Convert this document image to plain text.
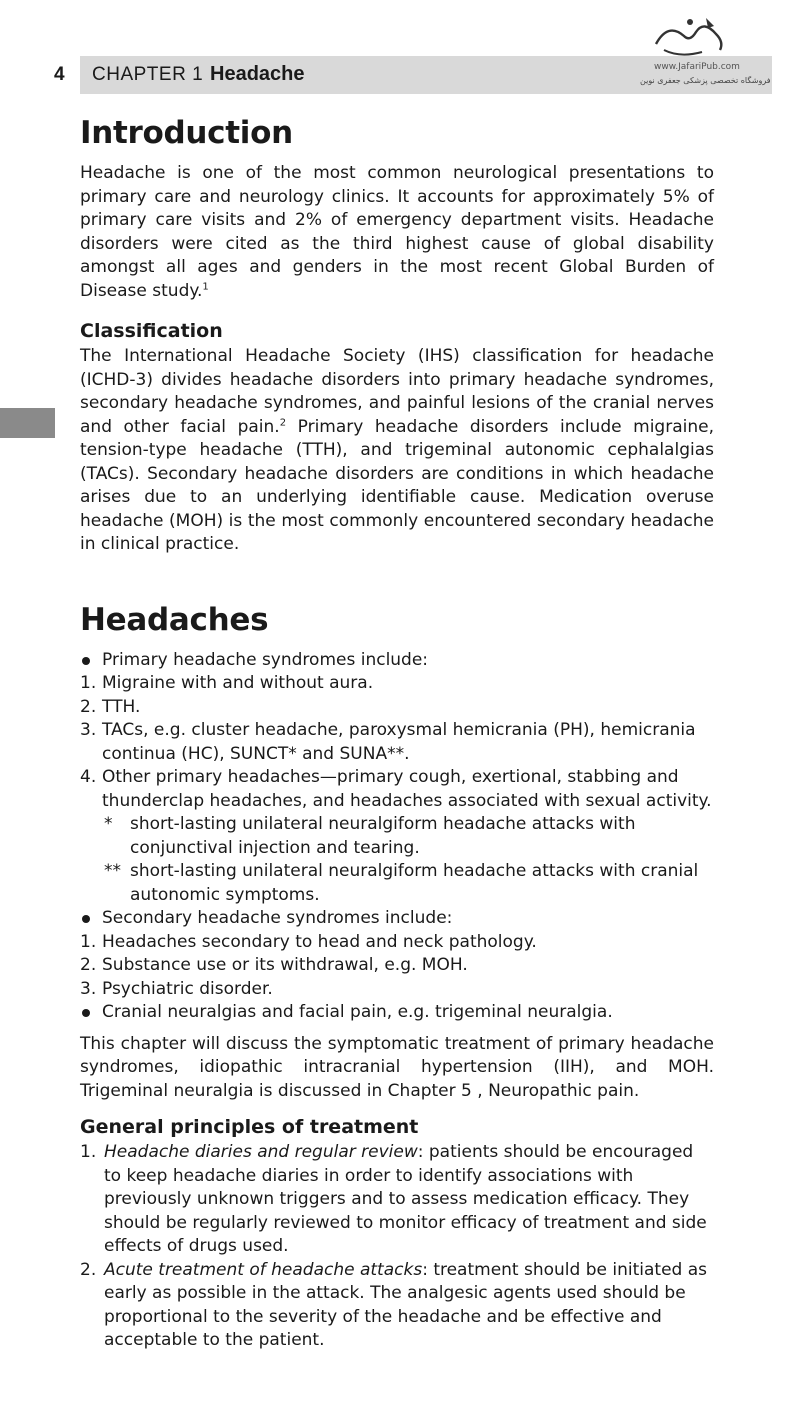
4 CHAPTER 1 Headache	www.JafariPub.com
فروشگاه تخصصی پزشکی جعفری نوین
Introduction

Headache is one of the most common neurological presentations to primary care and neurology clinics. It accounts for approximately 5% of primary care visits and 2% of emergency department visits. Headache disorders were cited as the third highest cause of global disability amongst all ages and genders in the most recent Global Burden of Disease study.$^1$

Classification

The International Headache Society (IHS) classification for headache (ICHD-3) divides headache disorders into primary headache syndromes, secondary headache syndromes, and painful lesions of the cranial nerves and other facial pain.$^2$ Primary headache disorders include migraine, tension-type headache (TTH), and trigeminal autonomic cephalalgias (TACs). Secondary headache disorders are conditions in which headache arises due to an underlying identifiable cause. Medication overuse headache (MOH) is the most commonly encountered secondary headache in clinical practice.

Headaches
Primary headache syndromes include:
1. Migraine with and without aura.
2. TTH.
3. TACs, e.g. cluster headache, paroxysmal hemicrania (PH), hemicrania continua (HC), SUNCT* and SUNA**.
4. Other primary headaches—primary cough, exertional, stabbing and thunderclap headaches, and headaches associated with sexual activity.
* short-lasting unilateral neuralgiform headache attacks with conjunctival injection and tearing.
** short-lasting unilateral neuralgiform headache attacks with cranial autonomic symptoms.
Secondary headache syndromes include:
1. Headaches secondary to head and neck pathology.
2. Substance use or its withdrawal, e.g. MOH.
3. Psychiatric disorder.
Cranial neuralgias and facial pain, e.g. trigeminal neuralgia.

This chapter will discuss the symptomatic treatment of primary headache syndromes, idiopathic intracranial hypertension (IIH), and MOH. Trigeminal neuralgia is discussed in Chapter 5 , Neuropathic pain.

General principles of treatment
1. Headache diaries and regular review: patients should be encouraged to keep headache diaries in order to identify associations with previously unknown triggers and to assess medication efficacy. They should be regularly reviewed to monitor efficacy of treatment and side effects of drugs used.
2. Acute treatment of headache attacks: treatment should be initiated as early as possible in the attack. The analgesic agents used should be proportional to the severity of the headache and be effective and acceptable to the patient.
